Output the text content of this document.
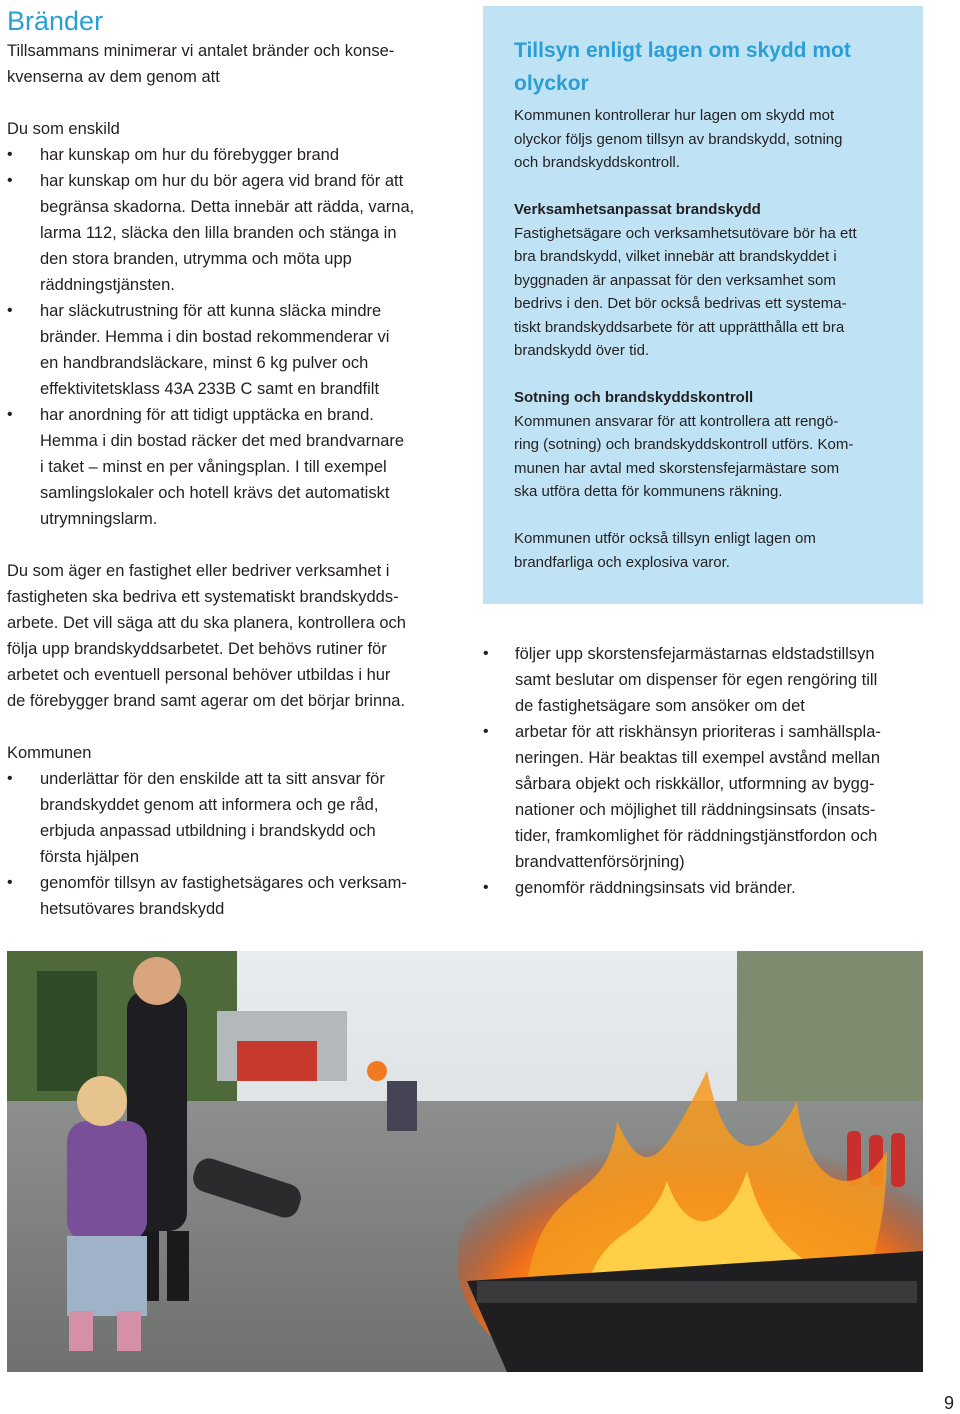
Bränder

Tillsammans minimerar vi antalet bränder och konse-

kvenserna av dem genom att

Du som enskild

• har kunskap om hur du förebygger brand
• har kunskap om hur du bör agera vid brand för att
begränsa skadorna. Detta innebär att rädda, varna,
larma 112, släcka den lilla branden och stänga in
den stora branden, utrymma och möta upp
räddningstjänsten.
• har släckutrustning för att kunna släcka mindre
bränder. Hemma i din bostad rekommenderar vi
en handbrandsläckare, minst 6 kg pulver och
effektivitetsklass 43A 233B C samt en brandfilt
• har anordning för att tidigt upptäcka en brand.
Hemma i din bostad räcker det med brandvarnare
i taket – minst en per våningsplan. I till exempel
samlingslokaler och hotell krävs det automatiskt
utrymningslarm.

Du som äger en fastighet eller bedriver verksamhet i
fastigheten ska bedriva ett systematiskt brandskydds-
arbete. Det vill säga att du ska planera, kontrollera och
följa upp brandskyddsarbetet. Det behövs rutiner för
arbetet och eventuell personal behöver utbildas i hur
de förebygger brand samt agerar om det börjar brinna.

Kommunen

• underlättar för den enskilde att ta sitt ansvar för
brandskyddet genom att informera och ge råd,
erbjuda anpassad utbildning i brandskydd och
första hjälpen
• genomför tillsyn av fastighetsägares och verksam-
hetsutövares brandskydd
Tillsyn enligt lagen om skydd mot
olyckor

Kommunen kontrollerar hur lagen om skydd mot
olyckor följs genom tillsyn av brandskydd, sotning
och brandskyddskontroll.

Verksamhetsanpassat brandskydd

Fastighetsägare och verksamhetsutövare bör ha ett
bra brandskydd, vilket innebär att brandskyddet i
byggnaden är anpassat för den verksamhet som
bedrivs i den. Det bör också bedrivas ett systema-
tiskt brandskyddsarbete för att upprätthålla ett bra
brandskydd över tid.

Sotning och brandskyddskontroll

Kommunen ansvarar för att kontrollera att rengö-
ring (sotning) och brandskyddskontroll utförs. Kom-
munen har avtal med skorstensfejarmästare som
ska utföra detta för kommunens räkning.

Kommunen utför också tillsyn enligt lagen om
brandfarliga och explosiva varor.

• följer upp skorstensfejarmästarnas eldstadstillsyn
samt beslutar om dispenser för egen rengöring till
de fastighetsägare som ansöker om det
• arbetar för att riskhänsyn prioriteras i samhällspla-
neringen. Här beaktas till exempel avstånd mellan
sårbara objekt och riskkällor, utformning av bygg-
nationer och möjlighet till räddningsinsats (insats-
tider, framkomlighet för räddningstjänstfordon och
brandvattenförsörjning)
• genomför räddningsinsats vid bränder.
9
